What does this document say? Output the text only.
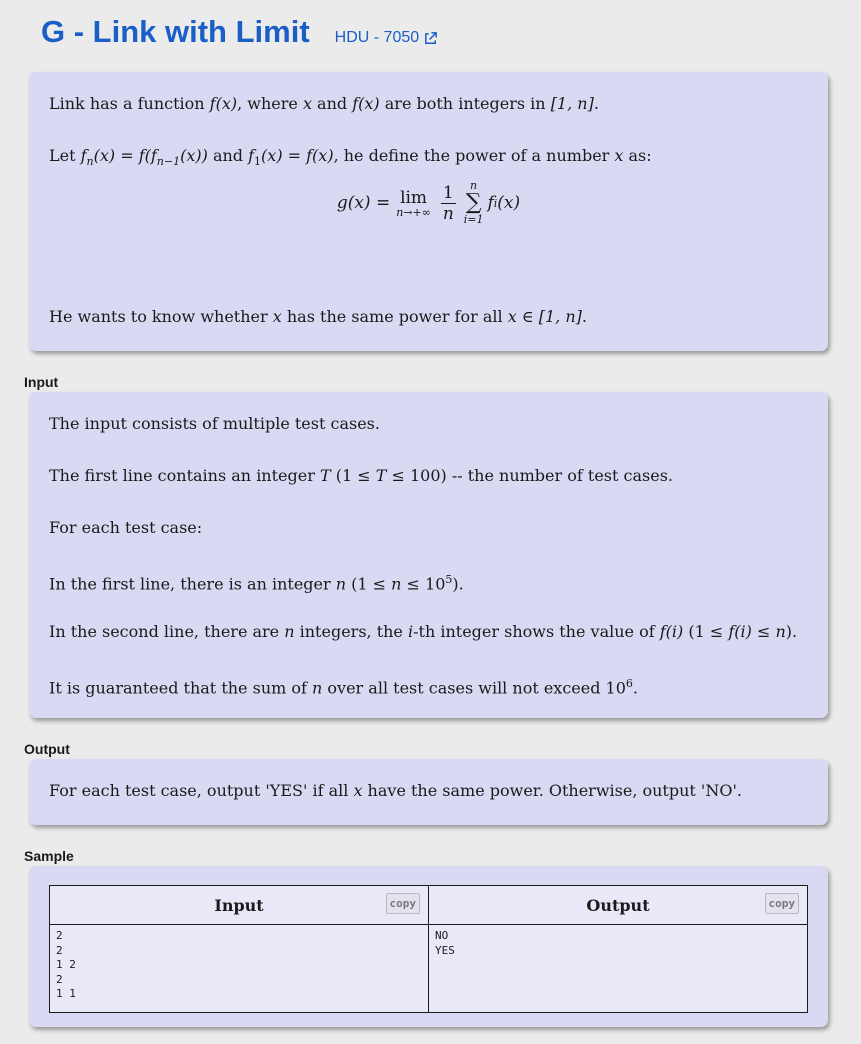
G - Link with Limit HDU - 7050

Link has a function f(x), where x and f(x) are both integers in [1, n].

Let $f_n(x) = f(f_{n-1}(x))$ and $f_1(x) = f(x)$, he define the power of a number x as:

g(x) = lim
$n\to+\infty \frac{1}{n}$ n
∑
i=1
f i (x)

He wants to know whether x has the same power for all x ∈ [1, n].

Input

The input consists of multiple test cases.

The first line contains an integer T (1 ≤ T ≤ 100) -- the number of test cases.

For each test case:

In the first line, there is an integer n $(1 \le n \le 10^5)$.

In the second line, there are n integers, the i-th integer shows the value of f(i) (1 ≤ f(i) ≤ n).

It is guaranteed that the sum of n over all test cases will not exceed $10^6$.

Output

For each test case, output 'YES' if all x have the same power. Otherwise, output 'NO'.

Sample
Input copy	Output copy

2
2
1 2
2
1 1	NO
YES
